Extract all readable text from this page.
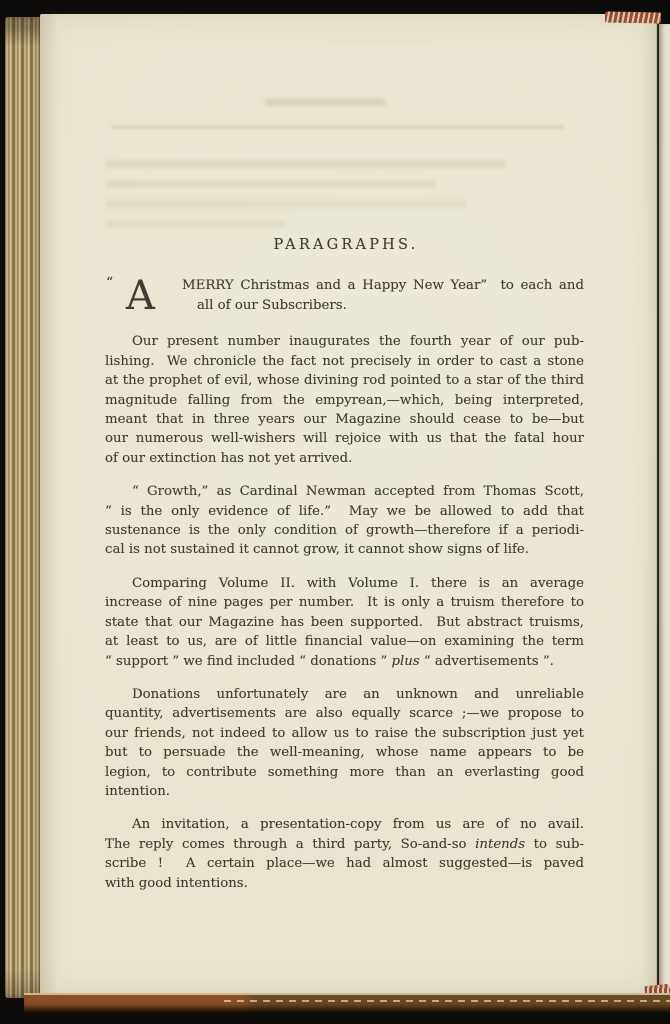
PARAGRAPHS.
“ A MERRY Christmas and a Happy New Year”  to each and
all of our Subscribers.
Our present number inaugurates the fourth year of our pub-
lishing.  We chronicle the fact not precisely in order to cast a stone
at the prophet of evil, whose divining rod pointed to a star of the third
magnitude falling from the empyrean,—which, being interpreted,
meant that in three years our Magazine should cease to be—but
our numerous well-wishers will rejoice with us that the fatal hour
of our extinction has not yet arrived.
“ Growth,” as Cardinal Newman accepted from Thomas Scott,
“ is the only evidence of life.”  May we be allowed to add that
sustenance is the only condition of growth—therefore if a periodi-
cal is not sustained it cannot grow, it cannot show signs of life.
Comparing Volume II. with Volume I. there is an average
increase of nine pages per number.  It is only a truism therefore to
state that our Magazine has been supported.  But abstract truisms,
at least to us, are of little financial value—on examining the term
“ support ” we find included “ donations ” plus “ advertisements ”.
Donations unfortunately are an unknown and unreliable
quantity, advertisements are also equally scarce ;—we propose to
our friends, not indeed to allow us to raise the subscription just yet
but to persuade the well-meaning, whose name appears to be
legion, to contribute something more than an everlasting good
intention.
An invitation, a presentation-copy from us are of no avail.
The reply comes through a third party, So-and-so intends to sub-
scribe !  A certain place—we had almost suggested—is paved
with good intentions.
